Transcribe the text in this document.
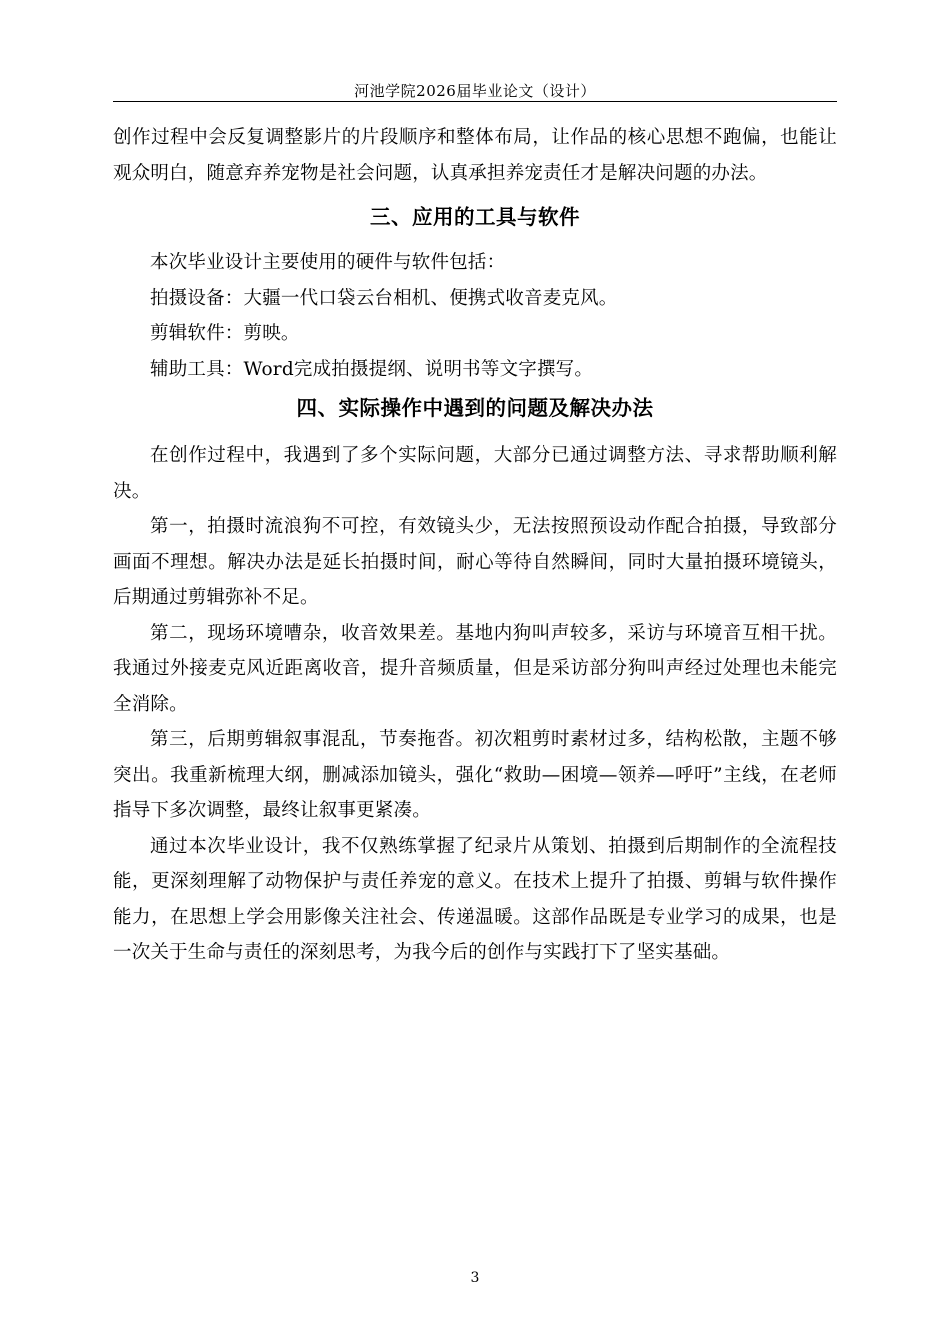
河池学院2026届毕业论文（设计）

创作过程中会反复调整影片的片段顺序和整体布局，让作品的核心思想不跑偏，也能让观众明白，随意弃养宠物是社会问题，认真承担养宠责任才是解决问题的办法。

三、应用的工具与软件

本次毕业设计主要使用的硬件与软件包括：

拍摄设备：大疆一代口袋云台相机、便携式收音麦克风。

剪辑软件：剪映。

辅助工具：Word完成拍摄提纲、说明书等文字撰写。

四、实际操作中遇到的问题及解决办法

在创作过程中，我遇到了多个实际问题，大部分已通过调整方法、寻求帮助顺利解决。

第一，拍摄时流浪狗不可控，有效镜头少，无法按照预设动作配合拍摄，导致部分画面不理想。解决办法是延长拍摄时间，耐心等待自然瞬间，同时大量拍摄环境镜头，后期通过剪辑弥补不足。

第二，现场环境嘈杂，收音效果差。基地内狗叫声较多，采访与环境音互相干扰。我通过外接麦克风近距离收音，提升音频质量，但是采访部分狗叫声经过处理也未能完全消除。

第三，后期剪辑叙事混乱，节奏拖沓。初次粗剪时素材过多，结构松散，主题不够突出。我重新梳理大纲，删减添加镜头，强化“救助—困境—领养—呼吁”主线，在老师指导下多次调整，最终让叙事更紧凑。

通过本次毕业设计，我不仅熟练掌握了纪录片从策划、拍摄到后期制作的全流程技能，更深刻理解了动物保护与责任养宠的意义。在技术上提升了拍摄、剪辑与软件操作能力，在思想上学会用影像关注社会、传递温暖。这部作品既是专业学习的成果，也是一次关于生命与责任的深刻思考，为我今后的创作与实践打下了坚实基础。

3
